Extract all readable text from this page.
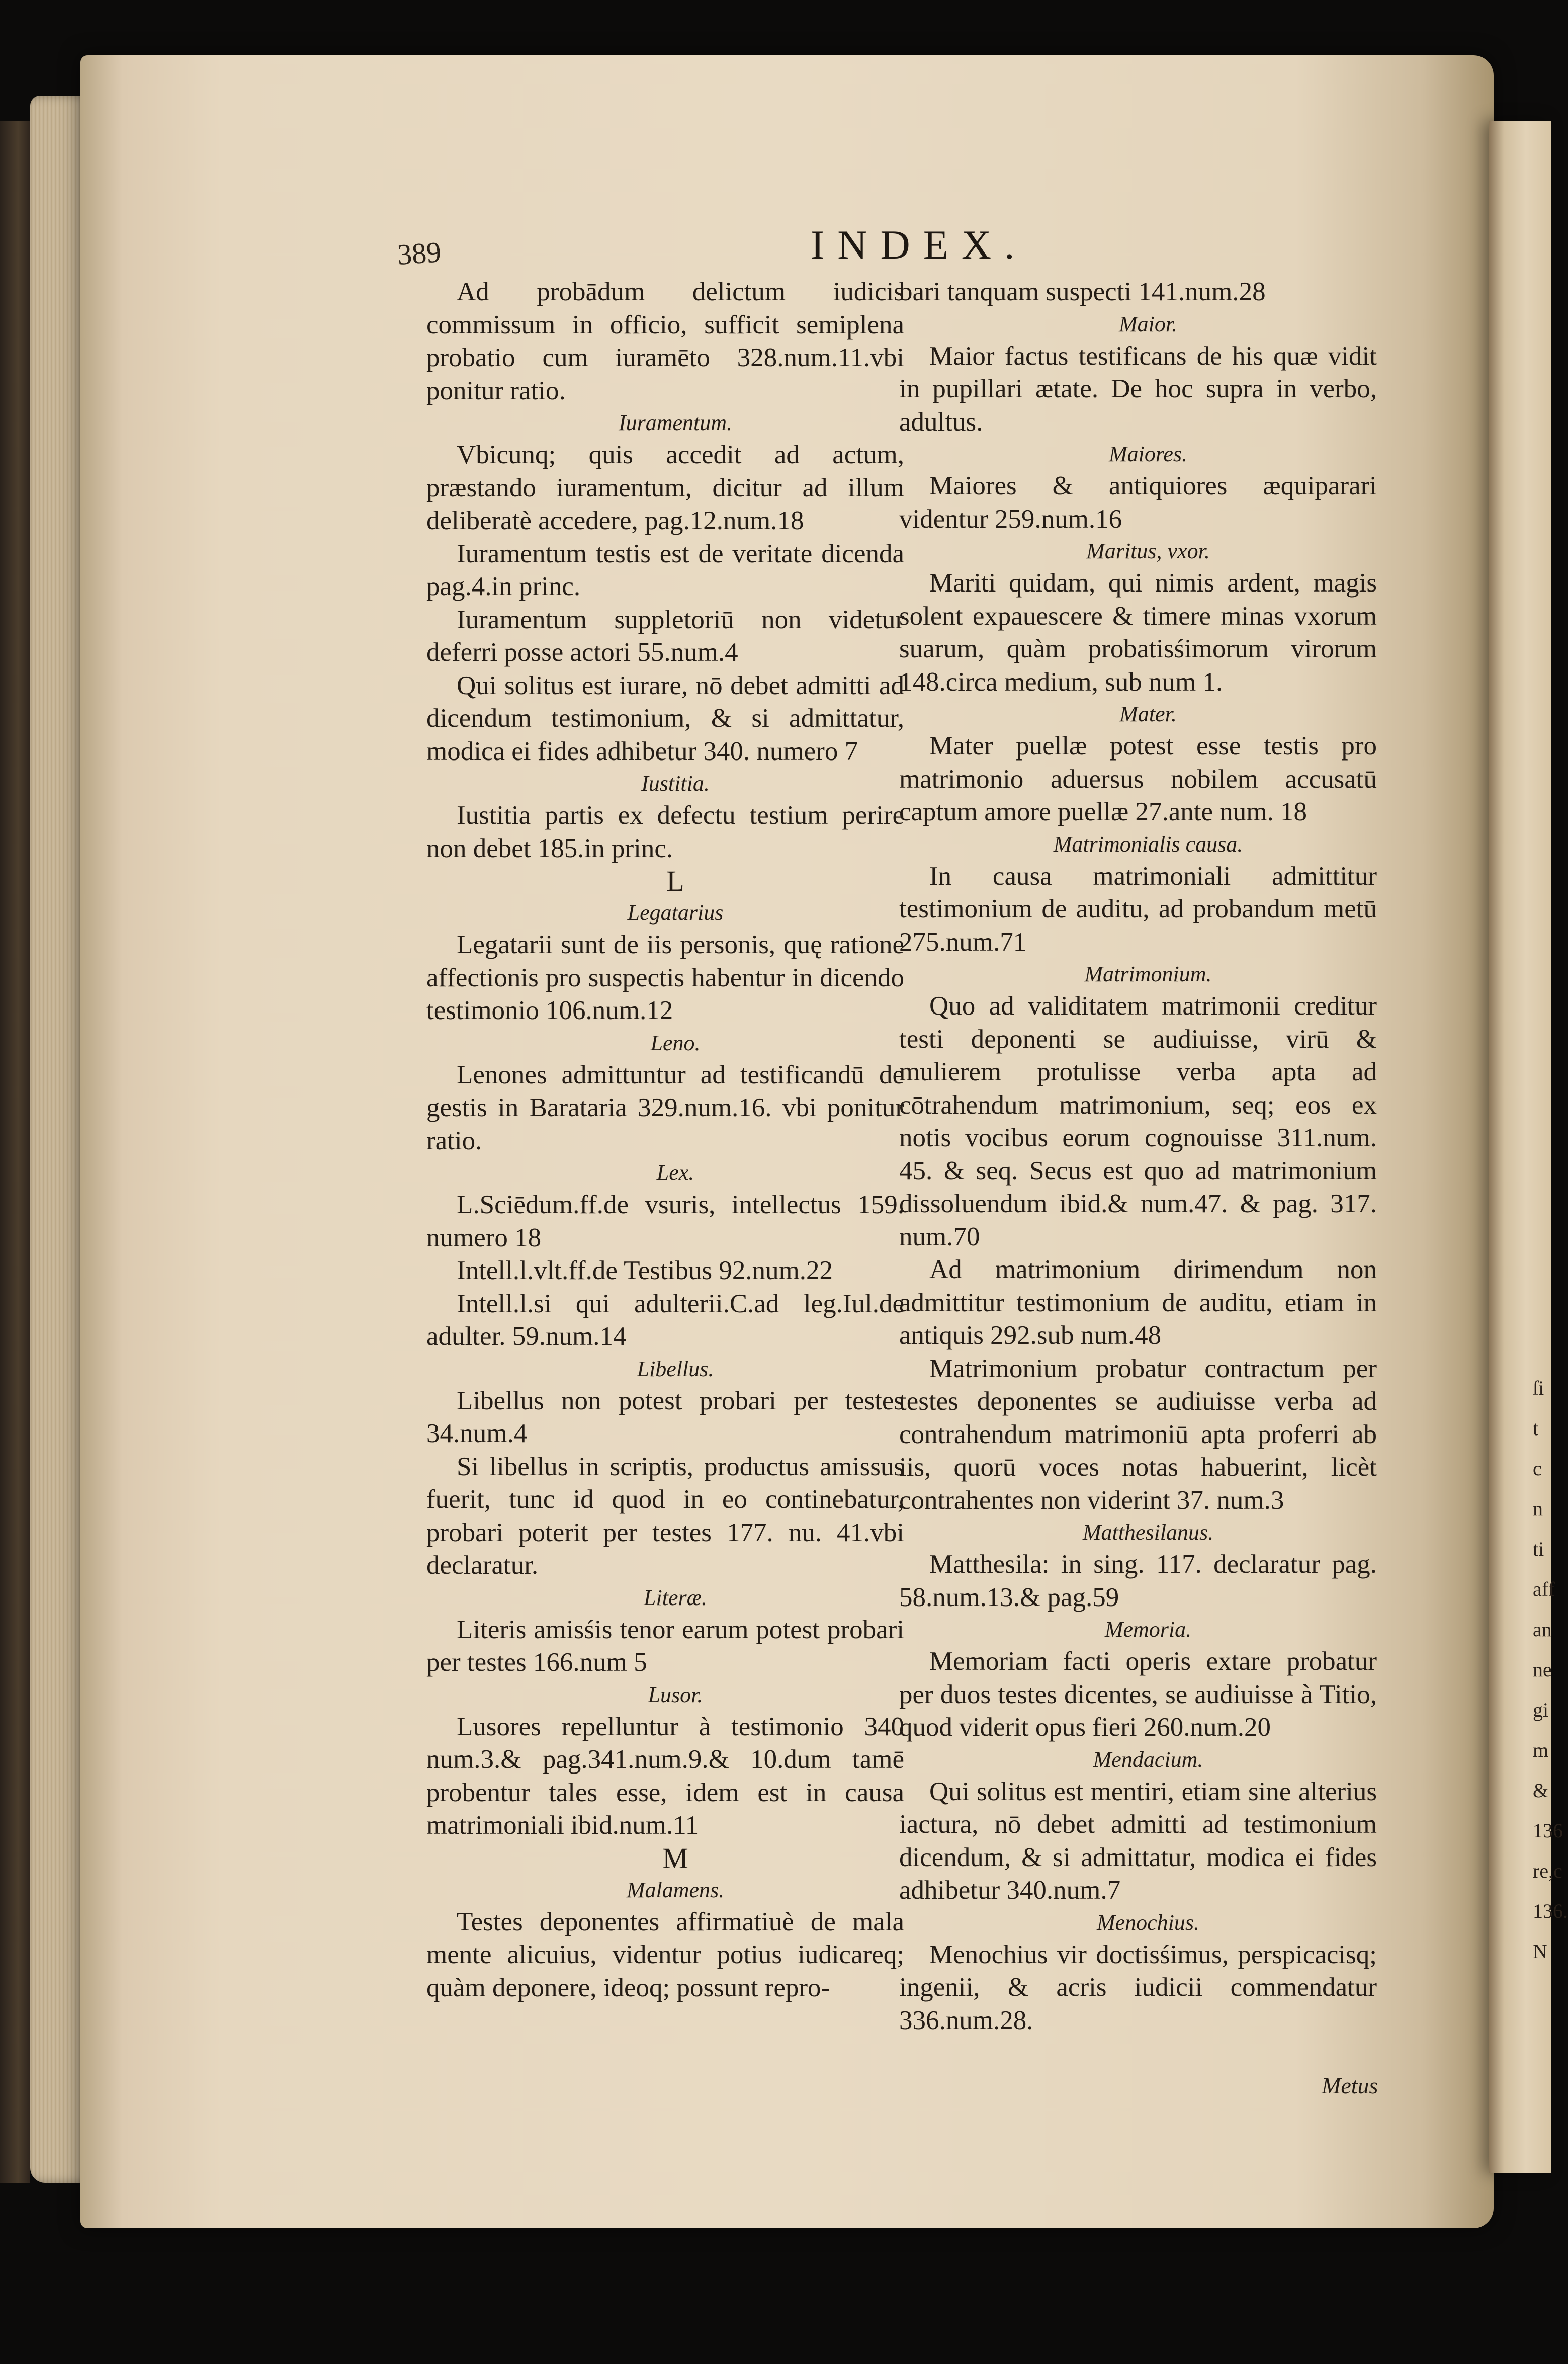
ſi
t
c
n
ti
aff
an
ne
gi
m
&
136
re,c
136.
N
389	INDEX.
Ad probādum delictum iudicis commissum in officio, sufficit semiplena probatio cum iuramēto 328.num.11.vbi ponitur ratio.
Iuramentum.
Vbicunq; quis accedit ad actum, præstando iuramentum, dicitur ad illum deliberatè accedere, pag.12.num.18
Iuramentum testis est de veritate dicenda pag.4.in princ.
Iuramentum suppletoriū non videtur deferri posse actori 55.num.4
Qui solitus est iurare, nō debet admitti ad dicendum testimonium, & si admittatur, modica ei fides adhibetur 340. numero 7
Iustitia.
Iustitia partis ex defectu testium perire non debet 185.in princ.
L
Legatarius
Legatarii sunt de iis personis, quę ratione affectionis pro suspectis habentur in dicendo testimonio 106.num.12
Leno.
Lenones admittuntur ad testificandū de gestis in Barataria 329.num.16. vbi ponitur ratio.
Lex.
L.Sciēdum.ff.de vsuris, intellectus 159. numero 18
Intell.l.vlt.ff.de Testibus 92.num.22
Intell.l.si qui adulterii.C.ad leg.Iul.de adulter. 59.num.14
Libellus.
Libellus non potest probari per testes 34.num.4
Si libellus in scriptis, productus amissus fuerit, tunc id quod in eo continebatur, probari poterit per testes 177. nu. 41.vbi declaratur.
Literæ.
Literis amisśis tenor earum potest probari per testes 166.num 5
Lusor.
Lusores repelluntur à testimonio 340 num.3.& pag.341.num.9.& 10.dum tamē probentur tales esse, idem est in causa matrimoniali ibid.num.11
M
Malamens.
Testes deponentes affirmatiuè de mala mente alicuius, videntur potius iudicareq; quàm deponere, ideoq; possunt repro-
bari tanquam suspecti 141.num.28
Maior.
Maior factus testificans de his quæ vidit in pupillari ætate. De hoc supra in verbo, adultus.
Maiores.
Maiores & antiquiores æquiparari videntur 259.num.16
Maritus, vxor.
Mariti quidam, qui nimis ardent, magis solent expauescere & timere minas vxorum suarum, quàm probatisśimorum virorum 148.circa medium, sub num 1.
Mater.
Mater puellæ potest esse testis pro matrimonio aduersus nobilem accusatū captum amore puellæ 27.ante num. 18
Matrimonialis causa.
In causa matrimoniali admittitur testimonium de auditu, ad probandum metū 275.num.71
Matrimonium.
Quo ad validitatem matrimonii creditur testi deponenti se audiuisse, virū & mulierem protulisse verba apta ad cōtrahendum matrimonium, seq; eos ex notis vocibus eorum cognouisse 311.num. 45. & seq. Secus est quo ad matrimonium dissoluendum ibid.& num.47. & pag. 317. num.70
Ad matrimonium dirimendum non admittitur testimonium de auditu, etiam in antiquis 292.sub num.48
Matrimonium probatur contractum per testes deponentes se audiuisse verba ad contrahendum matrimoniū apta proferri ab iis, quorū voces notas habuerint, licèt contrahentes non viderint 37. num.3
Matthesilanus.
Matthesila: in sing. 117. declaratur pag. 58.num.13.& pag.59
Memoria.
Memoriam facti operis extare probatur per duos testes dicentes, se audiuisse à Titio, quod viderit opus fieri 260.num.20
Mendacium.
Qui solitus est mentiri, etiam sine alterius iactura, nō debet admitti ad testimonium dicendum, & si admittatur, modica ei fides adhibetur 340.num.7
Menochius.
Menochius vir doctisśimus, perspicacisq; ingenii, & acris iudicii commendatur 336.num.28.
Metus
